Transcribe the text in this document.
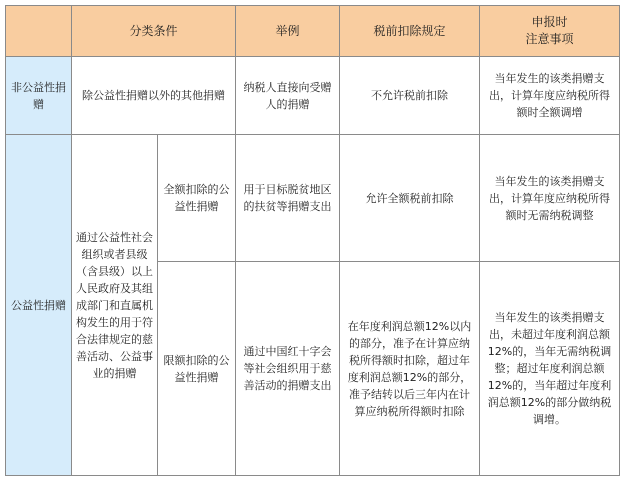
	分类条件		举例	税前扣除规定	申报时
注意事项
非公益性捐赠	除公益性捐赠以外的其他捐赠		纳税人直接向受赠人的捐赠	不允许税前扣除	当年发生的该类捐赠支出，计算年度应纳税所得额时全额调增
公益性捐赠	通过公益性社会组织或者县级（含县级）以上人民政府及其组成部门和直属机构发生的用于符合法律规定的慈善活动、公益事业的捐赠	全额扣除的公益性捐赠	用于目标脱贫地区的扶贫等捐赠支出	允许全额税前扣除	当年发生的该类捐赠支出，计算年度应纳税所得额时无需纳税调整
		限额扣除的公益性捐赠	通过中国红十字会等社会组织用于慈善活动的捐赠支出	在年度利润总额12%以内的部分，准予在计算应纳税所得额时扣除，超过年度利润总额12%的部分，准予结转以后三年内在计算应纳税所得额时扣除	当年发生的该类捐赠支出，未超过年度利润总额12%的，当年无需纳税调整；超过年度利润总额12%的，当年超过年度利润总额12%的部分做纳税调增。
